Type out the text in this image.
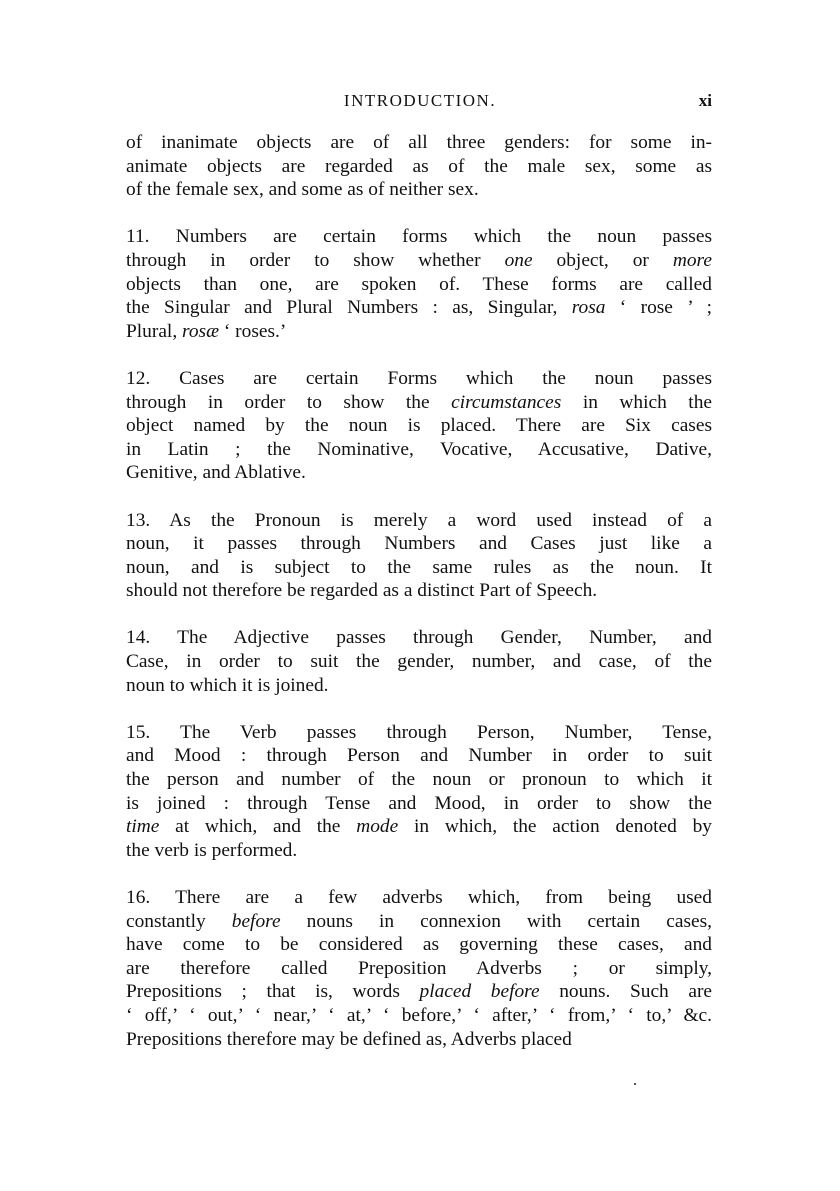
INTRODUCTION.	xi
of inanimate objects are of all three genders: for some in-
animate objects are regarded as of the male sex, some as
of the female sex, and some as of neither sex.
11. Numbers are certain forms which the noun passes
through in order to show whether one object, or more
objects than one, are spoken of. These forms are called
the Singular and Plural Numbers : as, Singular, rosa ‘ rose ’ ;
Plural, rosæ ‘ roses.’
12. Cases are certain Forms which the noun passes
through in order to show the circumstances in which the
object named by the noun is placed. There are Six cases
in Latin ; the Nominative, Vocative, Accusative, Dative,
Genitive, and Ablative.
13. As the Pronoun is merely a word used instead of a
noun, it passes through Numbers and Cases just like a
noun, and is subject to the same rules as the noun. It
should not therefore be regarded as a distinct Part of Speech.
14. The Adjective passes through Gender, Number, and
Case, in order to suit the gender, number, and case, of the
noun to which it is joined.
15. The Verb passes through Person, Number, Tense,
and Mood : through Person and Number in order to suit
the person and number of the noun or pronoun to which it
is joined : through Tense and Mood, in order to show the
time at which, and the mode in which, the action denoted by
the verb is performed.
16. There are a few adverbs which, from being used
constantly before nouns in connexion with certain cases,
have come to be considered as governing these cases, and
are therefore called Preposition Adverbs ; or simply,
Prepositions ; that is, words placed before nouns. Such are
‘ off,’ ‘ out,’ ‘ near,’ ‘ at,’ ‘ before,’ ‘ after,’ ‘ from,’ ‘ to,’ &c.
Prepositions therefore may be defined as, Adverbs placed
